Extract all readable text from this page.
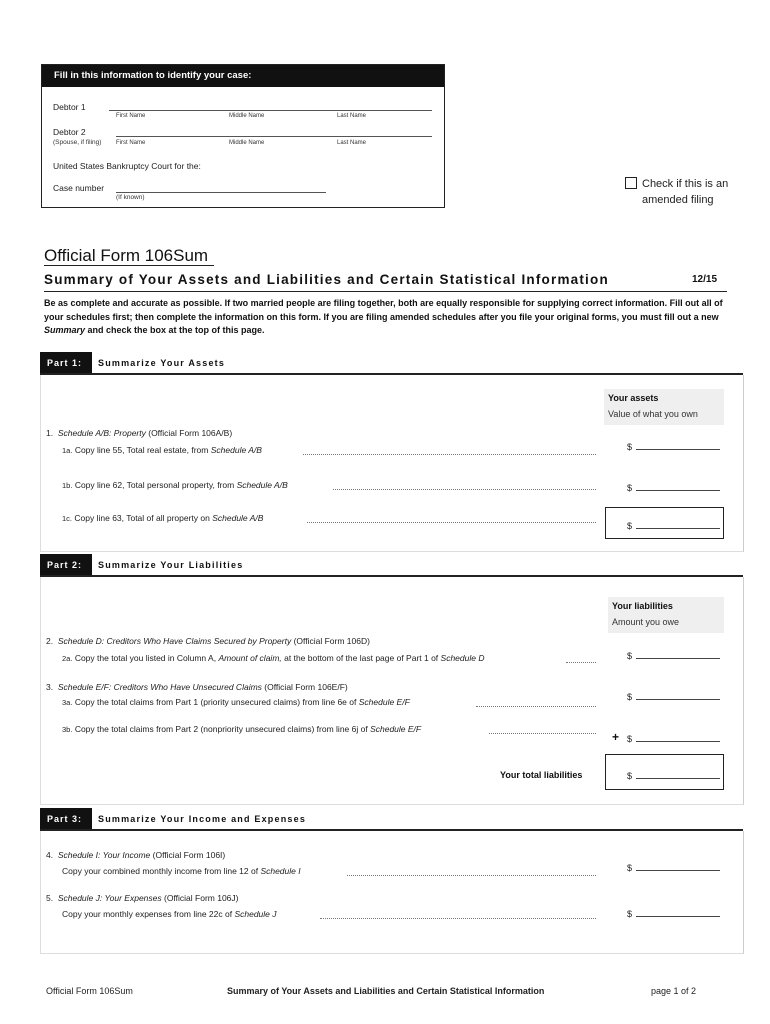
Fill in this information to identify your case:
Debtor 1
First Name	Middle Name	Last Name
Debtor 2
(Spouse, if filing) First Name	Middle Name	Last Name
United States Bankruptcy Court for the:
Case number
(If known)
Check if this is an
amended filing
Official Form 106Sum
Summary of Your Assets and Liabilities and Certain Statistical Information	12/15
Be as complete and accurate as possible. If two married people are filing together, both are equally responsible for supplying correct information. Fill out all of your schedules first; then complete the information on this form. If you are filing amended schedules after you file your original forms, you must fill out a new Summary and check the box at the top of this page.
Part 1:	Summarize Your Assets
Your assets
Value of what you own
1. Schedule A/B: Property (Official Form 106A/B)
1a. Copy line 55, Total real estate, from Schedule A/B	$
1b. Copy line 62, Total personal property, from Schedule A/B	$
1c. Copy line 63, Total of all property on Schedule A/B
$
Part 2:	Summarize Your Liabilities
Your liabilities
Amount you owe
2. Schedule D: Creditors Who Have Claims Secured by Property (Official Form 106D)
2a. Copy the total you listed in Column A, Amount of claim, at the bottom of the last page of Part 1 of Schedule D	$
3. Schedule E/F: Creditors Who Have Unsecured Claims (Official Form 106E/F)
3a. Copy the total claims from Part 1 (priority unsecured claims) from line 6e of Schedule E/F	$
3b. Copy the total claims from Part 2 (nonpriority unsecured claims) from line 6j of Schedule E/F
+ $
Your total liabilities	$
Part 3:	Summarize Your Income and Expenses
4. Schedule I: Your Income (Official Form 106I)
Copy your combined monthly income from line 12 of Schedule I	$
5. Schedule J: Your Expenses (Official Form 106J)
Copy your monthly expenses from line 22c of Schedule J	$
Official Form 106Sum	Summary of Your Assets and Liabilities and Certain Statistical Information	page 1 of 2
